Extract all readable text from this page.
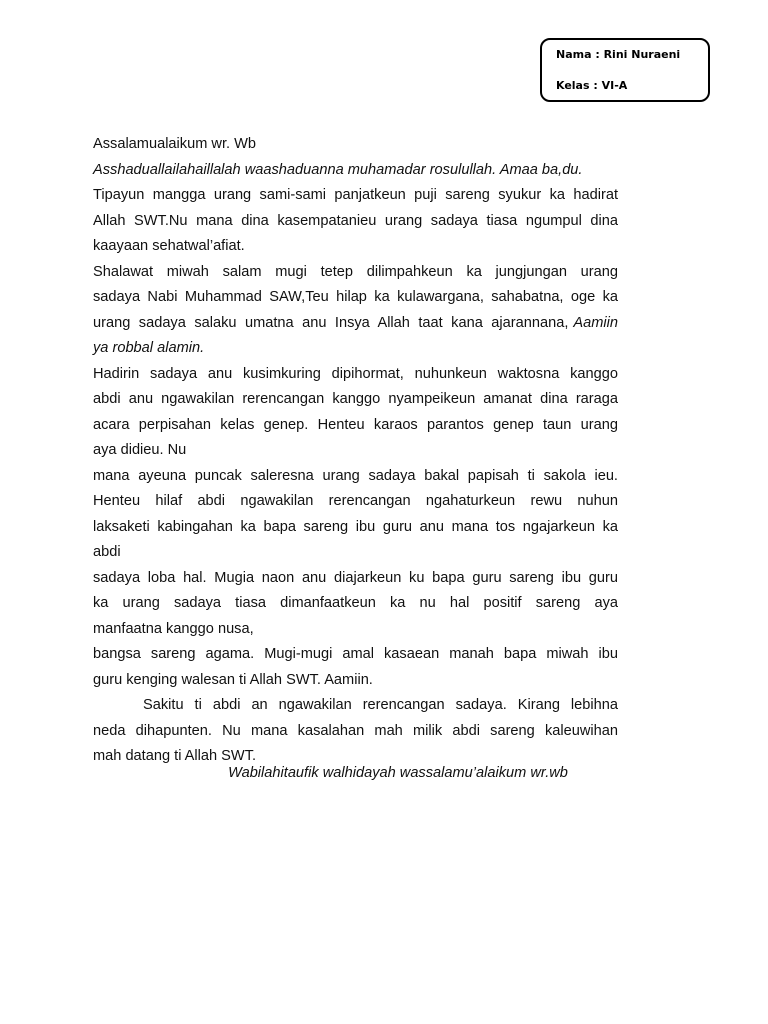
Nama : Rini Nuraeni
Kelas : VI-A
Assalamualaikum wr. Wb
Asshaduallailahaillalah waashaduanna muhamadar rosulullah. Amaa ba,du.
Tipayun mangga urang sami-sami panjatkeun puji sareng syukur ka hadirat
Allah SWT.Nu mana dina kasempatanieu urang sadaya tiasa ngumpul dina
kaayaan sehatwal’afiat.
Shalawat miwah salam mugi tetep dilimpahkeun ka jungjungan urang
sadaya Nabi Muhammad SAW,Teu hilap ka kulawargana, sahabatna, oge ka
urang sadaya salaku umatna anu Insya Allah taat kana ajarannana, Aamiin
ya robbal alamin.
Hadirin sadaya anu kusimkuring dipihormat, nuhunkeun waktosna kanggo
abdi anu ngawakilan rerencangan kanggo nyampeikeun amanat dina raraga
acara perpisahan kelas genep. Henteu karaos parantos genep taun urang
aya didieu. Nu
mana ayeuna puncak saleresna urang sadaya bakal papisah ti sakola ieu.
Henteu hilaf abdi ngawakilan rerencangan ngahaturkeun rewu nuhun
laksaketi kabingahan ka bapa sareng ibu guru anu mana tos ngajarkeun ka
abdi
sadaya loba hal. Mugia naon anu diajarkeun ku bapa guru sareng ibu guru
ka urang sadaya tiasa dimanfaatkeun ka nu hal positif sareng aya
manfaatna kanggo nusa,
bangsa sareng agama. Mugi-mugi amal kasaean manah bapa miwah ibu
guru kenging walesan ti Allah SWT. Aamiin.
Sakitu ti abdi an ngawakilan rerencangan sadaya. Kirang lebihna
neda dihapunten. Nu mana kasalahan mah milik abdi sareng kaleuwihan
mah datang ti Allah SWT.
Wabilahitaufik walhidayah wassalamu’alaikum wr.wb
